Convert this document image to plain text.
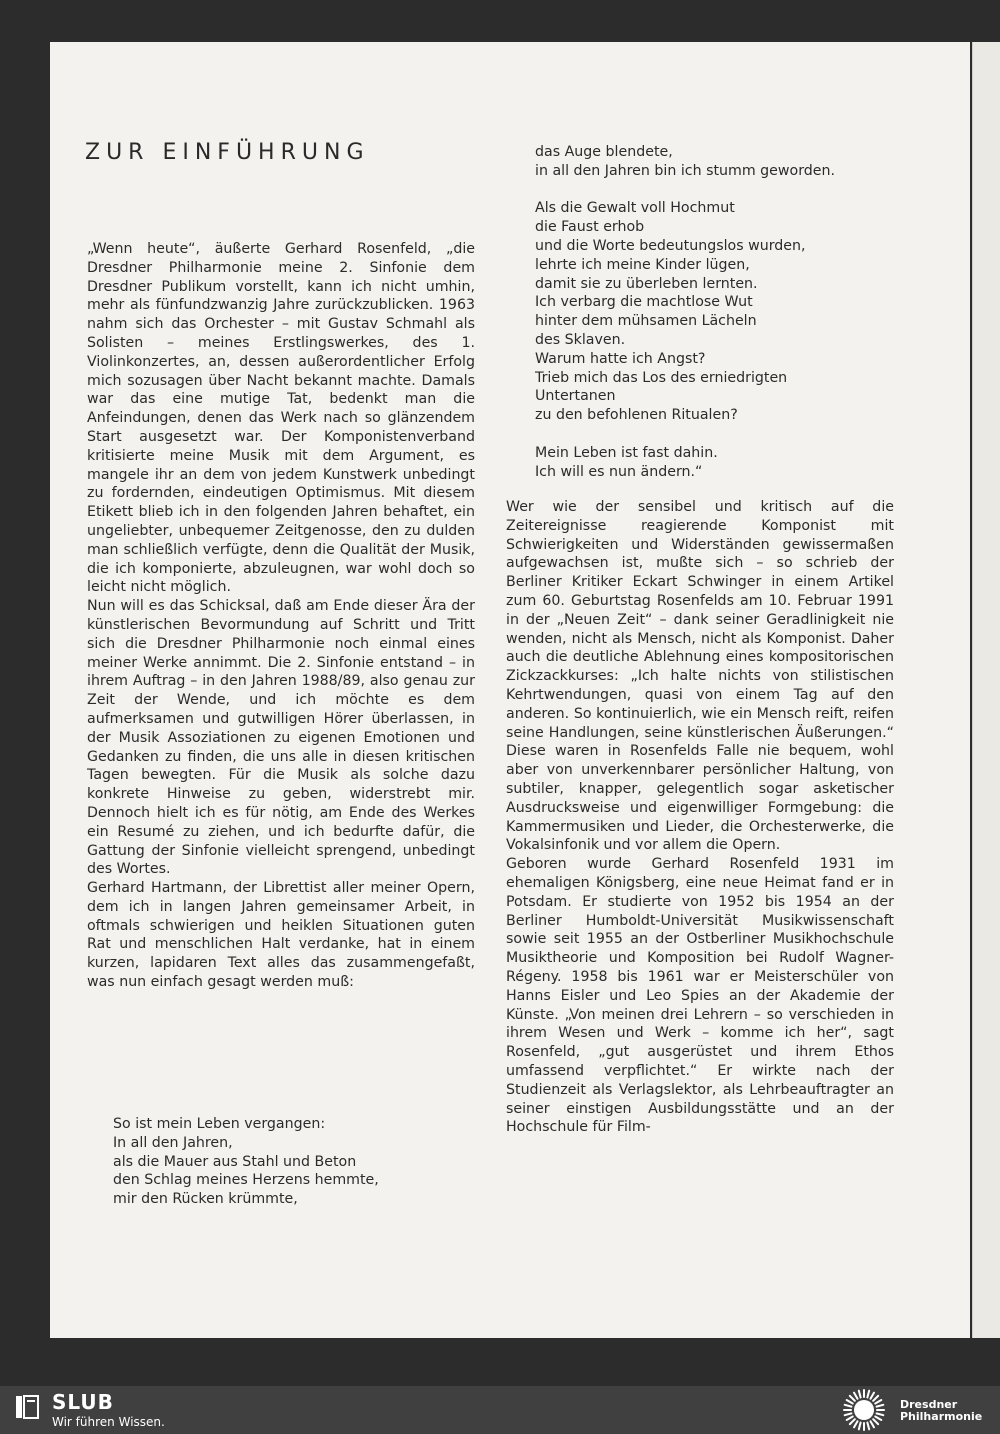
ZUR EINFÜHRUNG

„Wenn heute“, äußerte Gerhard Rosenfeld, „die Dresdner Philharmonie meine 2. Sinfonie dem Dresdner Publikum vorstellt, kann ich nicht umhin, mehr als fünfundzwanzig Jahre zurückzublicken. 1963 nahm sich das Orchester – mit Gustav Schmahl als Solisten – meines Erstlingswerkes, des 1. Violinkonzertes, an, dessen außerordentlicher Erfolg mich sozusagen über Nacht bekannt machte. Damals war das eine mutige Tat, bedenkt man die Anfeindungen, denen das Werk nach so glänzendem Start ausgesetzt war. Der Komponistenverband kritisierte meine Musik mit dem Argument, es mangele ihr an dem von jedem Kunstwerk unbedingt zu fordernden, eindeutigen Optimismus. Mit diesem Etikett blieb ich in den folgenden Jahren behaftet, ein ungeliebter, unbequemer Zeitgenosse, den zu dulden man schließlich verfügte, denn die Qualität der Musik, die ich komponierte, abzuleugnen, war wohl doch so leicht nicht möglich.

Nun will es das Schicksal, daß am Ende dieser Ära der künstlerischen Bevormundung auf Schritt und Tritt sich die Dresdner Philharmonie noch einmal eines meiner Werke annimmt. Die 2. Sinfonie entstand – in ihrem Auftrag – in den Jahren 1988/89, also genau zur Zeit der Wende, und ich möchte es dem aufmerksamen und gutwilligen Hörer überlassen, in der Musik Assoziationen zu eigenen Emotionen und Gedanken zu finden, die uns alle in diesen kritischen Tagen bewegten. Für die Musik als solche dazu konkrete Hinweise zu geben, widerstrebt mir. Dennoch hielt ich es für nötig, am Ende des Werkes ein Resumé zu ziehen, und ich bedurfte dafür, die Gattung der Sinfonie vielleicht sprengend, unbedingt des Wortes.

Gerhard Hartmann, der Librettist aller meiner Opern, dem ich in langen Jahren gemeinsamer Arbeit, in oftmals schwierigen und heiklen Situationen guten Rat und menschlichen Halt verdanke, hat in einem kurzen, lapidaren Text alles das zusammengefaßt, was nun einfach gesagt werden muß:

So ist mein Leben vergangen:
In all den Jahren,
als die Mauer aus Stahl und Beton
den Schlag meines Herzens hemmte,
mir den Rücken krümmte,
das Auge blendete,
in all den Jahren bin ich stumm geworden.

Als die Gewalt voll Hochmut
die Faust erhob
und die Worte bedeutungslos wurden,
lehrte ich meine Kinder lügen,
damit sie zu überleben lernten.
Ich verbarg die machtlose Wut
hinter dem mühsamen Lächeln
des Sklaven.
Warum hatte ich Angst?
Trieb mich das Los des erniedrigten
Untertanen
zu den befohlenen Ritualen?

Mein Leben ist fast dahin.
Ich will es nun ändern.“

Wer wie der sensibel und kritisch auf die Zeitereignisse reagierende Komponist mit Schwierigkeiten und Widerständen gewissermaßen aufgewachsen ist, mußte sich – so schrieb der Berliner Kritiker Eckart Schwinger in einem Artikel zum 60. Geburtstag Rosenfelds am 10. Februar 1991 in der „Neuen Zeit“ – dank seiner Geradlinigkeit nie wenden, nicht als Mensch, nicht als Komponist. Daher auch die deutliche Ablehnung eines kompositorischen Zickzackkurses: „Ich halte nichts von stilistischen Kehrtwendungen, quasi von einem Tag auf den anderen. So kontinuierlich, wie ein Mensch reift, reifen seine Handlungen, seine künstlerischen Äußerungen.“ Diese waren in Rosenfelds Falle nie bequem, wohl aber von unverkennbarer persönlicher Haltung, von subtiler, knapper, gelegentlich sogar asketischer Ausdrucksweise und eigenwilliger Formgebung: die Kammermusiken und Lieder, die Orchesterwerke, die Vokalsinfonik und vor allem die Opern.

Geboren wurde Gerhard Rosenfeld 1931 im ehemaligen Königsberg, eine neue Heimat fand er in Potsdam. Er studierte von 1952 bis 1954 an der Berliner Humboldt-Universität Musikwissenschaft sowie seit 1955 an der Ostberliner Musikhochschule Musiktheorie und Komposition bei Rudolf Wagner-Régeny. 1958 bis 1961 war er Meisterschüler von Hanns Eisler und Leo Spies an der Akademie der Künste. „Von meinen drei Lehrern – so verschieden in ihrem Wesen und Werk – komme ich her“, sagt Rosenfeld, „gut ausgerüstet und ihrem Ethos umfassend verpflichtet.“ Er wirkte nach der Studienzeit als Verlagslektor, als Lehrbeauftragter an seiner einstigen Ausbildungsstätte und an der Hochschule für Film-

SLUB
Wir führen Wissen.
Dresdner
Philharmonie
